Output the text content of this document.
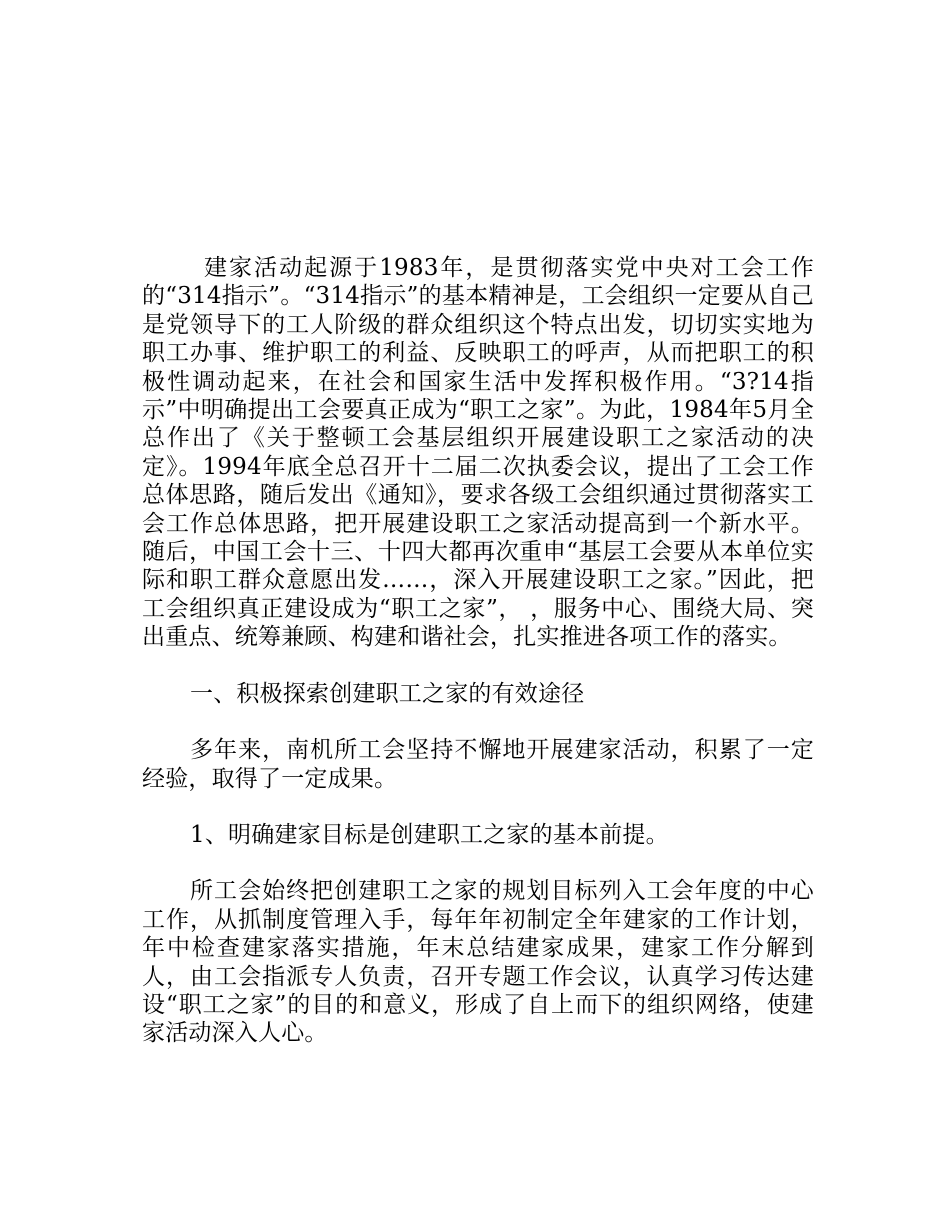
建家活动起源于1983年，是贯彻落实党中央对工会工作的“314指示”。“314指示”的基本精神是，工会组织一定要从自己是党领导下的工人阶级的群众组织这个特点出发，切切实实地为职工办事、维护职工的利益、反映职工的呼声，从而把职工的积极性调动起来，在社会和国家生活中发挥积极作用。“3?14指示”中明确提出工会要真正成为“职工之家”。为此，1984年5月全总作出了《关于整顿工会基层组织开展建设职工之家活动的决定》。1994年底全总召开十二届二次执委会议，提出了工会工作总体思路，随后发出《通知》，要求各级工会组织通过贯彻落实工会工作总体思路，把开展建设职工之家活动提高到一个新水平。随后，中国工会十三、十四大都再次重申“基层工会要从本单位实际和职工群众意愿出发……，深入开展建设职工之家。”因此，把工会组织真正建设成为“职工之家”， ，服务中心、围绕大局、突出重点、统筹兼顾、构建和谐社会，扎实推进各项工作的落实。

一、积极探索创建职工之家的有效途径

多年来，南机所工会坚持不懈地开展建家活动，积累了一定经验，取得了一定成果。

1、明确建家目标是创建职工之家的基本前提。

所工会始终把创建职工之家的规划目标列入工会年度的中心工作，从抓制度管理入手，每年年初制定全年建家的工作计划，年中检查建家落实措施，年末总结建家成果，建家工作分解到人，由工会指派专人负责，召开专题工作会议，认真学习传达建设“职工之家”的目的和意义，形成了自上而下的组织网络，使建家活动深入人心。
